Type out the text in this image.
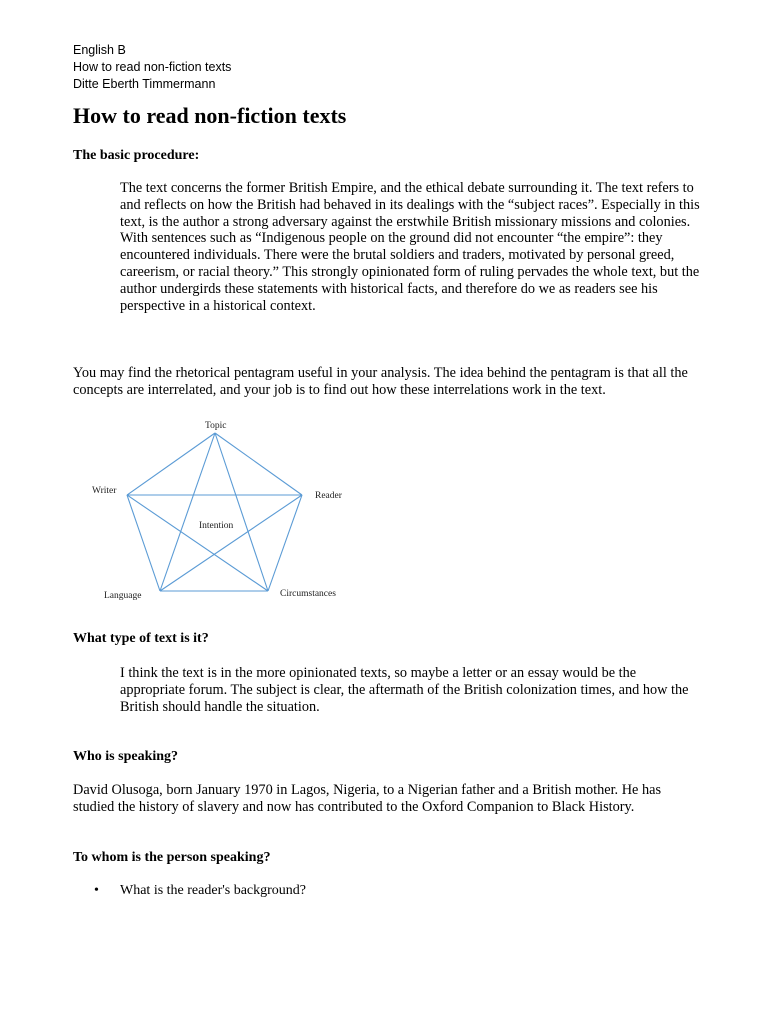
English B
How to read non-fiction texts
Ditte Eberth Timmermann
How to read non-fiction texts
The basic procedure:
The text concerns the former British Empire, and the ethical debate surrounding it. The text refers to and reflects on how the British had behaved in its dealings with the “subject races”. Especially in this text, is the author a strong adversary against the erstwhile British missionary missions and colonies. With sentences such as “Indigenous people on the ground did not encounter “the empire”: they encountered individuals. There were the brutal soldiers and traders, motivated by personal greed, careerism, or racial theory.” This strongly opinionated form of ruling pervades the whole text, but the author undergirds these statements with historical facts, and therefore do we as readers see his perspective in a historical context.
You may find the rhetorical pentagram useful in your analysis. The idea behind the pentagram is that all the concepts are interrelated, and your job is to find out how these interrelations work in the text.
Topic
Writer	Reader
Intention
Language	Circumstances
What type of text is it?
I think the text is in the more opinionated texts, so maybe a letter or an essay would be the appropriate forum. The subject is clear, the aftermath of the British colonization times, and how the British should handle the situation.
Who is speaking?
David Olusoga, born January 1970 in Lagos, Nigeria, to a Nigerian father and a British mother. He has studied the history of slavery and now has contributed to the Oxford Companion to Black History.
To whom is the person speaking?
• What is the reader's background?
